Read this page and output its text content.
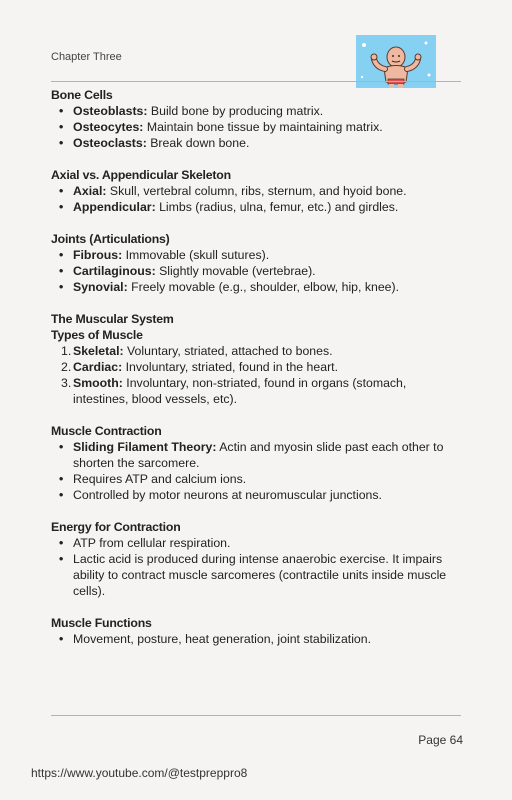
Chapter Three
Bone Cells
• Osteoblasts: Build bone by producing matrix.
• Osteocytes: Maintain bone tissue by maintaining matrix.
• Osteoclasts: Break down bone.
Axial vs. Appendicular Skeleton
• Axial: Skull, vertebral column, ribs, sternum, and hyoid bone.
• Appendicular: Limbs (radius, ulna, femur, etc.) and girdles.
Joints (Articulations)
• Fibrous: Immovable (skull sutures).
• Cartilaginous: Slightly movable (vertebrae).
• Synovial: Freely movable (e.g., shoulder, elbow, hip, knee).
The Muscular System
Types of Muscle
1. Skeletal: Voluntary, striated, attached to bones.
2. Cardiac: Involuntary, striated, found in the heart.
3. Smooth: Involuntary, non-striated, found in organs (stomach, intestines, blood vessels, etc).
Muscle Contraction
• Sliding Filament Theory: Actin and myosin slide past each other to shorten the sarcomere.
• Requires ATP and calcium ions.
• Controlled by motor neurons at neuromuscular junctions.
Energy for Contraction
• ATP from cellular respiration.
• Lactic acid is produced during intense anaerobic exercise. It impairs ability to contract muscle sarcomeres (contractile units inside muscle cells).
Muscle Functions
• Movement, posture, heat generation, joint stabilization.
Page 64
https://www.youtube.com/@testpreppro8
